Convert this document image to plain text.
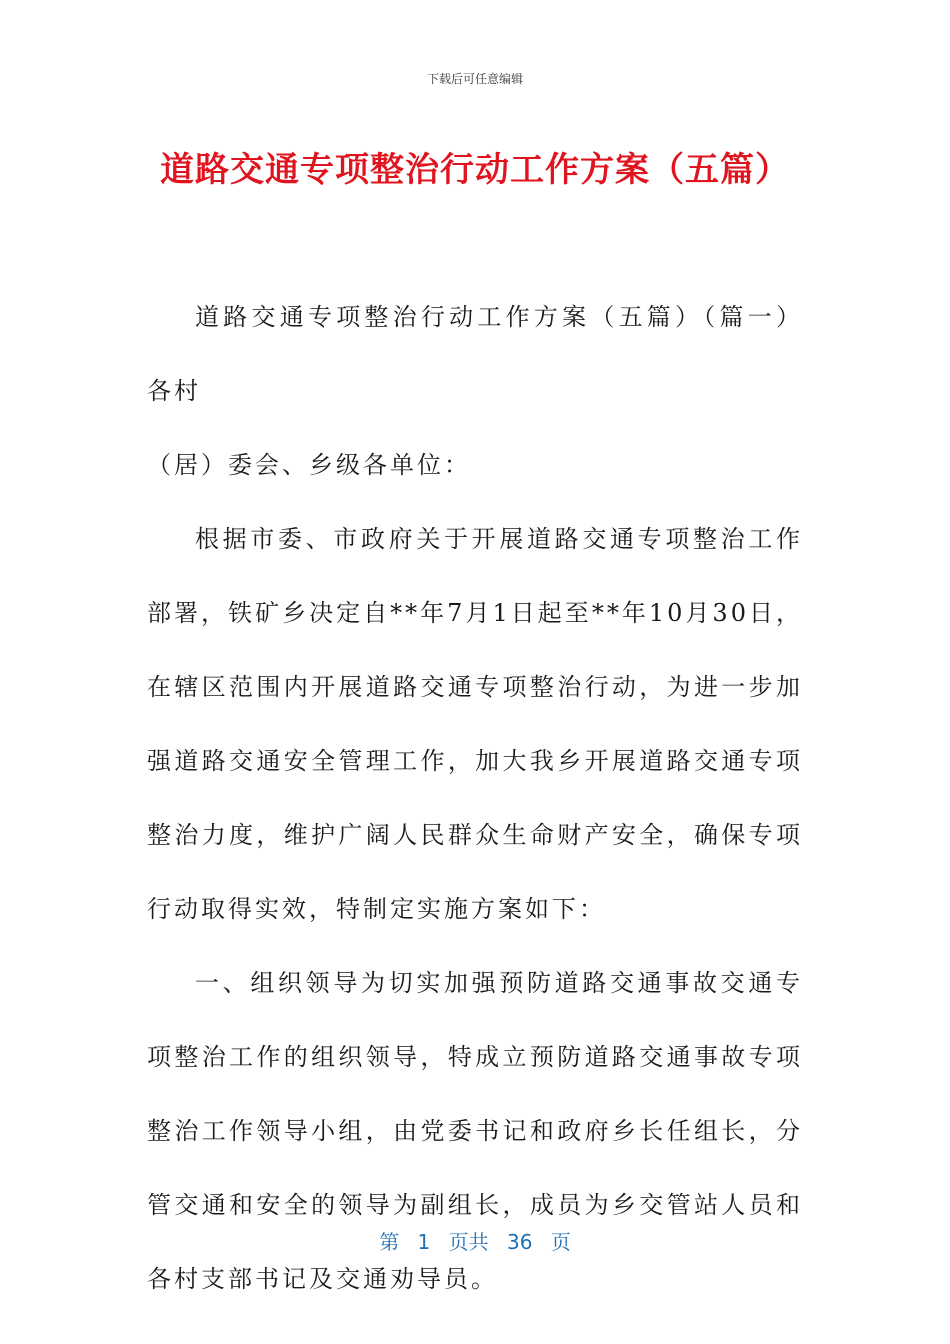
下载后可任意编辑
道路交通专项整治行动工作方案（五篇）

道路交通专项整治行动工作方案（五篇）（篇一）各村

（居）委会、乡级各单位：

根据市委、市政府关于开展道路交通专项整治工作部署，铁矿乡决定自**年7月1日起至**年10月30日，在辖区范围内开展道路交通专项整治行动，为进一步加强道路交通安全管理工作，加大我乡开展道路交通专项整治力度，维护广阔人民群众生命财产安全，确保专项行动取得实效，特制定实施方案如下：

一、组织领导为切实加强预防道路交通事故交通专项整治工作的组织领导，特成立预防道路交通事故专项整治工作领导小组，由党委书记和政府乡长任组长，分管交通和安全的领导为副组长，成员为乡交管站人员和各村支部书记及交通劝导员。

第 1 页共 36 页
